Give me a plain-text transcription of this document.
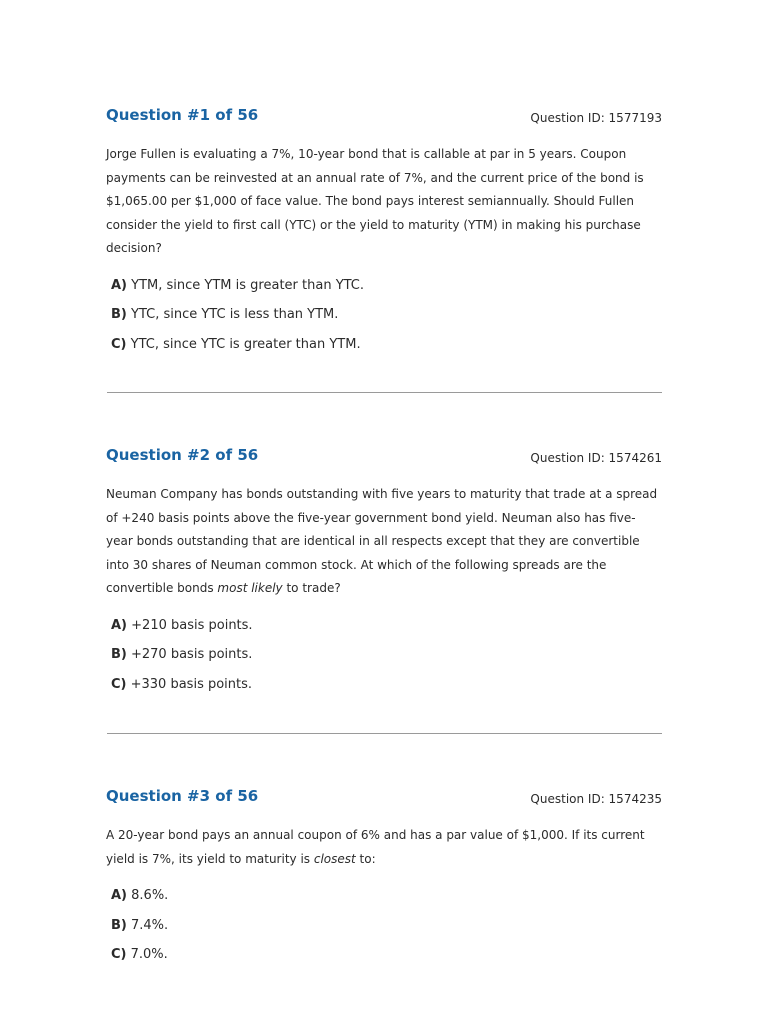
Question #1 of 56	Question ID: 1577193
Jorge Fullen is evaluating a 7%, 10-year bond that is callable at par in 5 years. Coupon payments can be reinvested at an annual rate of 7%, and the current price of the bond is $1,065.00 per $1,000 of face value. The bond pays interest semiannually. Should Fullen consider the yield to first call (YTC) or the yield to maturity (YTM) in making his purchase decision?
A) YTM, since YTM is greater than YTC.
B) YTC, since YTC is less than YTM.
C) YTC, since YTC is greater than YTM.
Question #2 of 56	Question ID: 1574261
Neuman Company has bonds outstanding with five years to maturity that trade at a spread of +240 basis points above the five-year government bond yield. Neuman also has five-year bonds outstanding that are identical in all respects except that they are convertible into 30 shares of Neuman common stock. At which of the following spreads are the convertible bonds most likely to trade?
A) +210 basis points.
B) +270 basis points.
C) +330 basis points.
Question #3 of 56	Question ID: 1574235
A 20-year bond pays an annual coupon of 6% and has a par value of $1,000. If its current yield is 7%, its yield to maturity is closest to:
A) 8.6%.
B) 7.4%.
C) 7.0%.
